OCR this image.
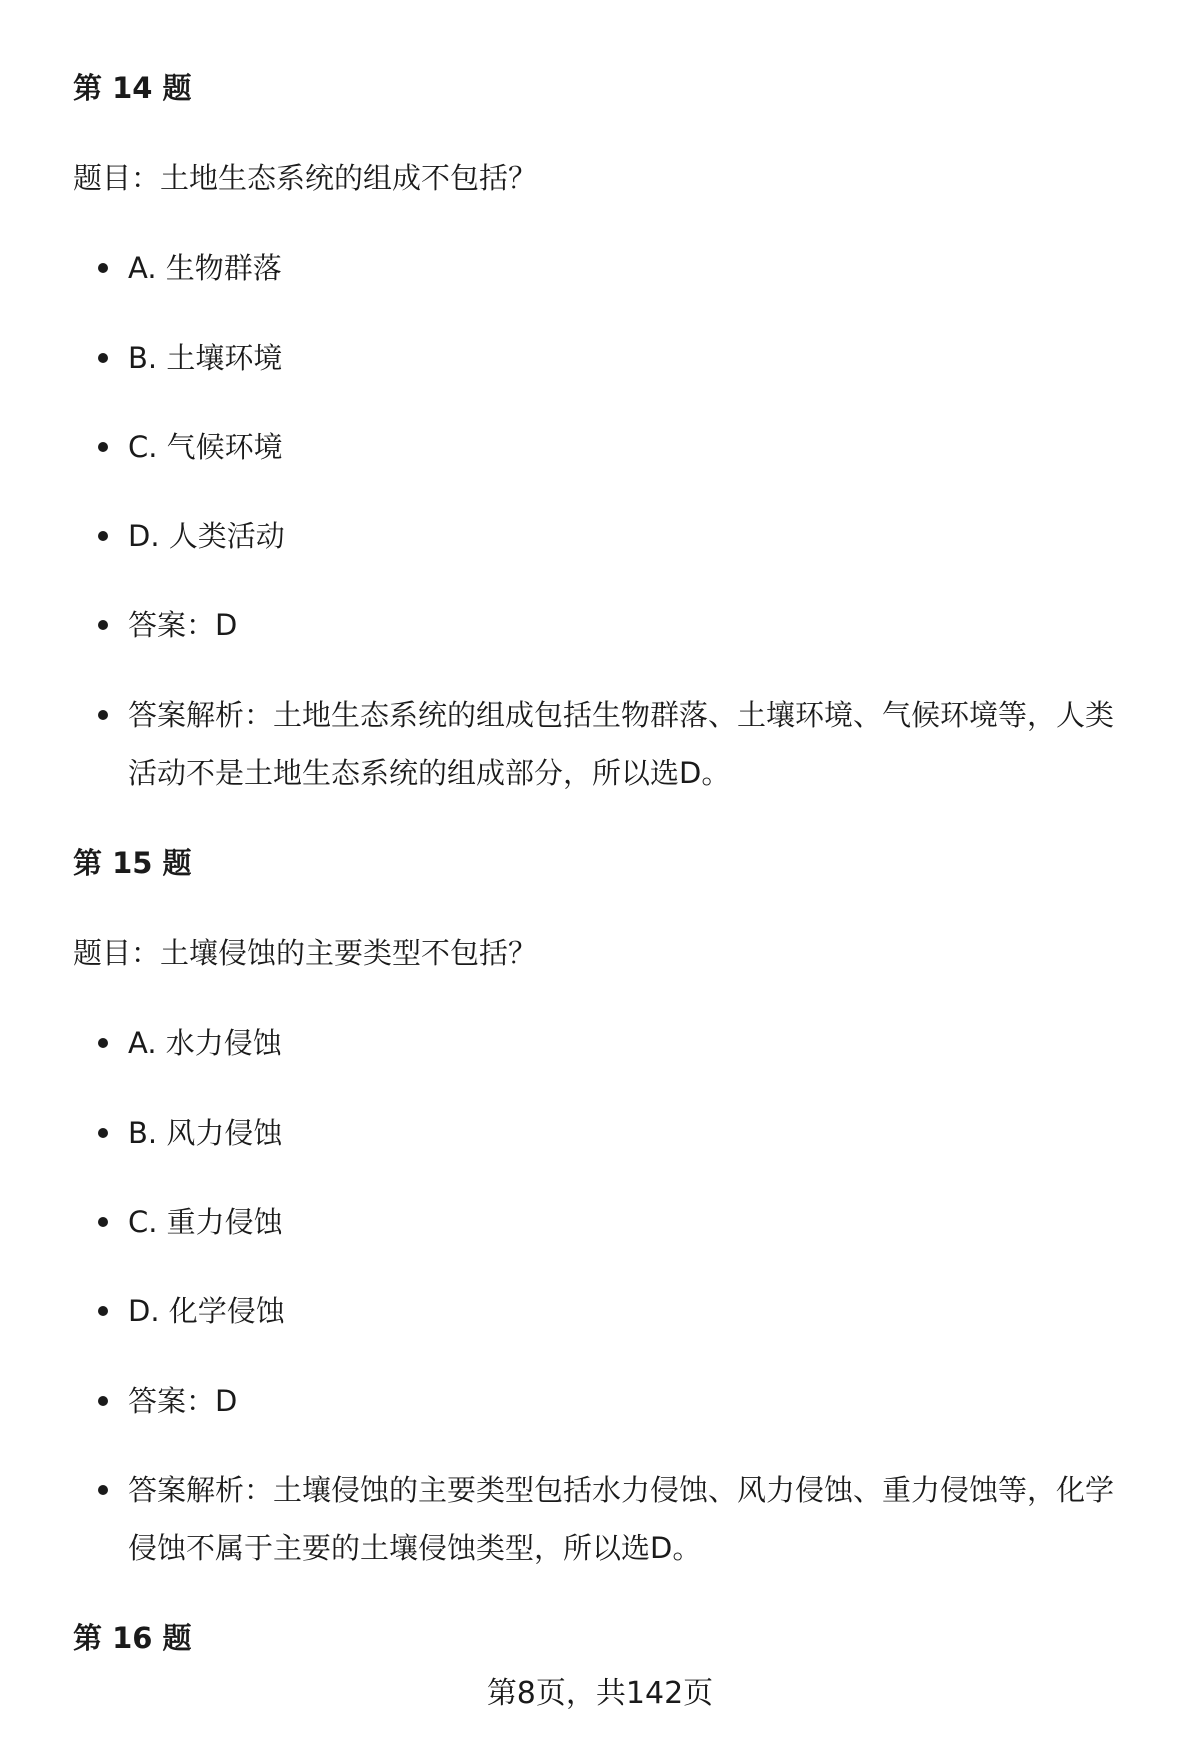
第 14 题

题目：土地生态系统的组成不包括？

A. 生物群落

B. 土壤环境

C. 气候环境

D. 人类活动

答案：D

答案解析：土地生态系统的组成包括生物群落、土壤环境、气候环境等，人类活动不是土地生态系统的组成部分，所以选D。

第 15 题

题目：土壤侵蚀的主要类型不包括？

A. 水力侵蚀

B. 风力侵蚀

C. 重力侵蚀

D. 化学侵蚀

答案：D

答案解析：土壤侵蚀的主要类型包括水力侵蚀、风力侵蚀、重力侵蚀等，化学侵蚀不属于主要的土壤侵蚀类型，所以选D。

第 16 题

第8页，共142页
